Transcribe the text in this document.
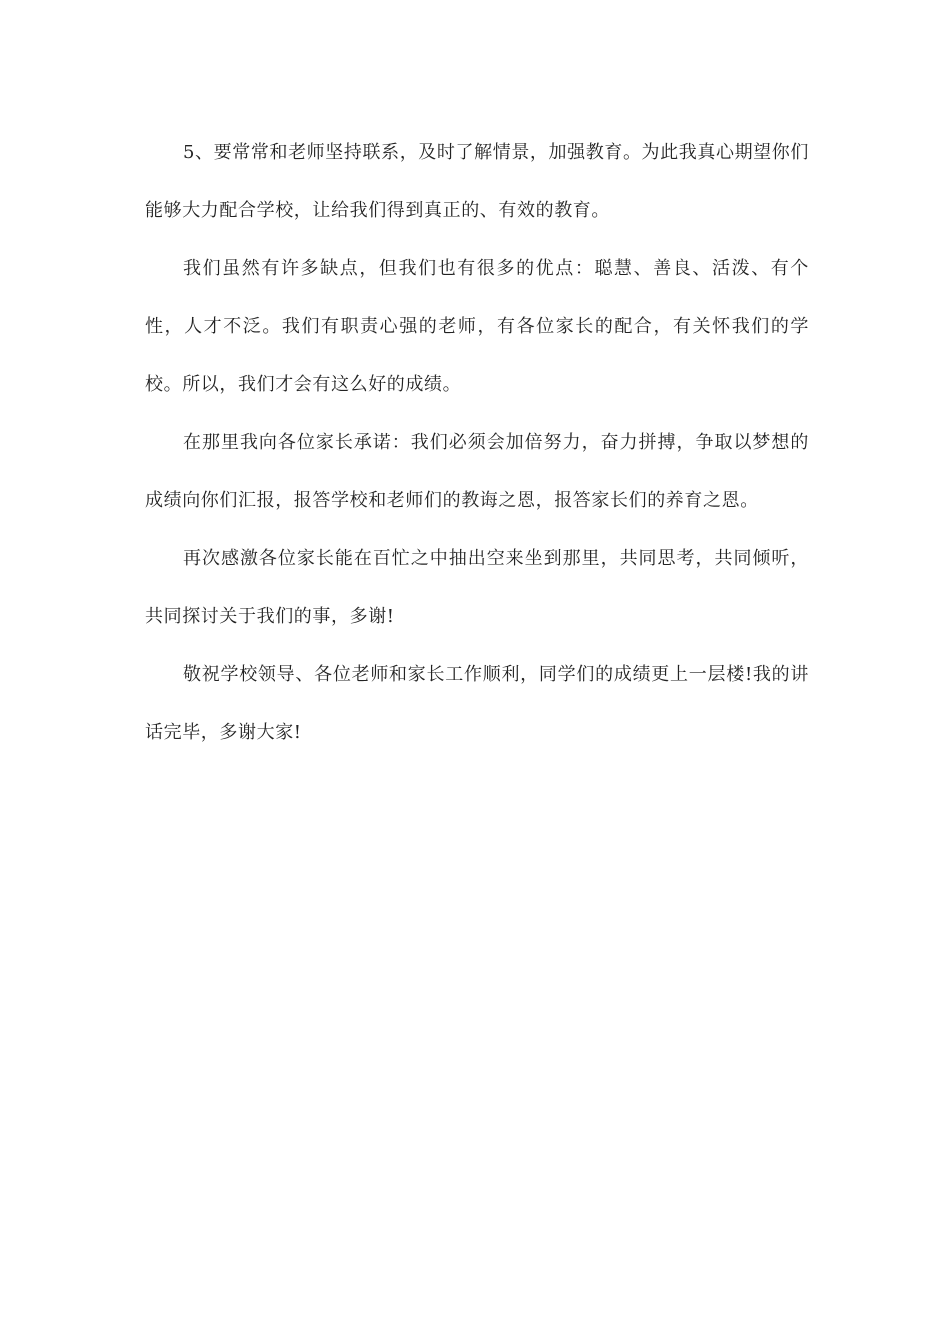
5、要常常和老师坚持联系，及时了解情景，加强教育。为此我真心期望你们能够大力配合学校，让给我们得到真正的、有效的教育。

我们虽然有许多缺点，但我们也有很多的优点：聪慧、善良、活泼、有个性，人才不泛。我们有职责心强的老师，有各位家长的配合，有关怀我们的学校。所以，我们才会有这么好的成绩。

在那里我向各位家长承诺：我们必须会加倍努力，奋力拼搏，争取以梦想的成绩向你们汇报，报答学校和老师们的教诲之恩，报答家长们的养育之恩。

再次感激各位家长能在百忙之中抽出空来坐到那里，共同思考，共同倾听，共同探讨关于我们的事，多谢!

敬祝学校领导、各位老师和家长工作顺利，同学们的成绩更上一层楼!我的讲话完毕，多谢大家!
